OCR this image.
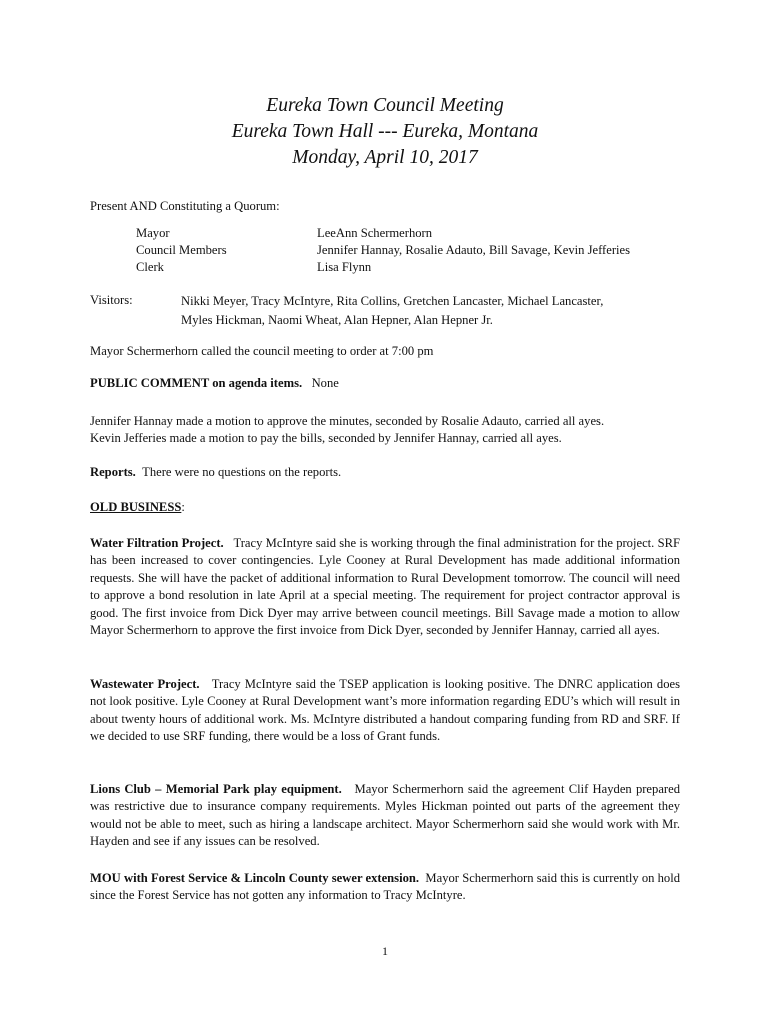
Eureka Town Council Meeting
Eureka Town Hall --- Eureka, Montana
Monday, April 10, 2017
Present AND Constituting a Quorum:
Mayor	LeeAnn Schermerhorn
Council Members	Jennifer Hannay, Rosalie Adauto, Bill Savage, Kevin Jefferies
Clerk	Lisa Flynn
Visitors:	Nikki Meyer, Tracy McIntyre, Rita Collins, Gretchen Lancaster, Michael Lancaster,
Myles Hickman, Naomi Wheat, Alan Hepner, Alan Hepner Jr.
Mayor Schermerhorn called the council meeting to order at 7:00 pm
PUBLIC COMMENT on agenda items. None
Jennifer Hannay made a motion to approve the minutes, seconded by Rosalie Adauto, carried all ayes.
Kevin Jefferies made a motion to pay the bills, seconded by Jennifer Hannay, carried all ayes.
Reports. There were no questions on the reports.
OLD BUSINESS:
Water Filtration Project. Tracy McIntyre said she is working through the final administration for the project. SRF has been increased to cover contingencies. Lyle Cooney at Rural Development has made additional information requests. She will have the packet of additional information to Rural Development tomorrow. The council will need to approve a bond resolution in late April at a special meeting. The requirement for project contractor approval is good. The first invoice from Dick Dyer may arrive between council meetings. Bill Savage made a motion to allow Mayor Schermerhorn to approve the first invoice from Dick Dyer, seconded by Jennifer Hannay, carried all ayes.
Wastewater Project. Tracy McIntyre said the TSEP application is looking positive. The DNRC application does not look positive. Lyle Cooney at Rural Development want’s more information regarding EDU’s which will result in about twenty hours of additional work. Ms. McIntyre distributed a handout comparing funding from RD and SRF. If we decided to use SRF funding, there would be a loss of Grant funds.
Lions Club – Memorial Park play equipment. Mayor Schermerhorn said the agreement Clif Hayden prepared was restrictive due to insurance company requirements. Myles Hickman pointed out parts of the agreement they would not be able to meet, such as hiring a landscape architect. Mayor Schermerhorn said she would work with Mr. Hayden and see if any issues can be resolved.
MOU with Forest Service & Lincoln County sewer extension. Mayor Schermerhorn said this is currently on hold since the Forest Service has not gotten any information to Tracy McIntyre.
1
